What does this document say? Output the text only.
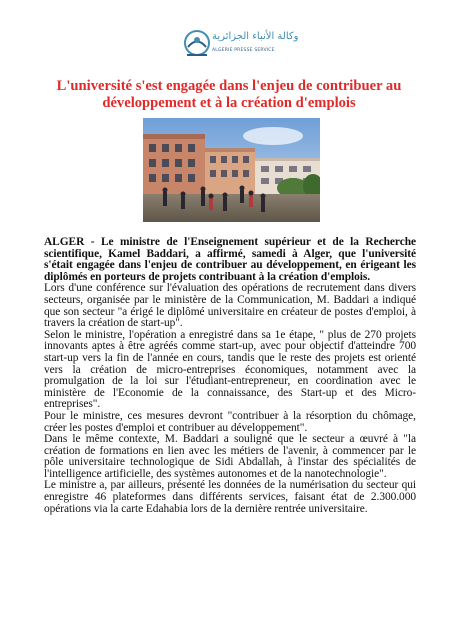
وكالة الأنباء الجزائرية
ALGERIE PRESSE SERVICE
L'université s'est engagée dans l'enjeu de contribuer au développement et à la création d'emplois

ALGER - Le ministre de l'Enseignement supérieur et de la Recherche scientifique, Kamel Baddari, a affirmé, samedi à Alger, que l'université s'était engagée dans l'enjeu de contribuer au développement, en érigeant les diplômés en porteurs de projets contribuant à la création d'emplois.

Lors d'une conférence sur l'évaluation des opérations de recrutement dans divers secteurs, organisée par le ministère de la Communication, M. Baddari a indiqué que son secteur "a érigé le diplômé universitaire en créateur de postes d'emploi, à travers la création de start-up".

Selon le ministre, l'opération a enregistré dans sa 1e étape, " plus de 270 projets innovants aptes à être agréés comme start-up, avec pour objectif d'atteindre 700 start-up vers la fin de l'année en cours, tandis que le reste des projets est orienté vers la création de micro-entreprises économiques, notamment avec la promulgation de la loi sur l'étudiant-entrepreneur, en coordination avec le ministère de l'Economie de la connaissance, des Start-up et des Micro-entreprises".

Pour le ministre, ces mesures devront "contribuer à la résorption du chômage, créer les postes d'emploi et contribuer au développement".

Dans le même contexte, M. Baddari a souligné que le secteur a œuvré à "la création de formations en lien avec les métiers de l'avenir, à commencer par le pôle universitaire technologique de Sidi Abdallah, à l'instar des spécialités de l'intelligence artificielle, des systèmes autonomes et de la nanotechnologie".

Le ministre a, par ailleurs, présenté les données de la numérisation du secteur qui enregistre 46 plateformes dans différents services, faisant état de 2.300.000 opérations via la carte Edahabia lors de la dernière rentrée universitaire.
